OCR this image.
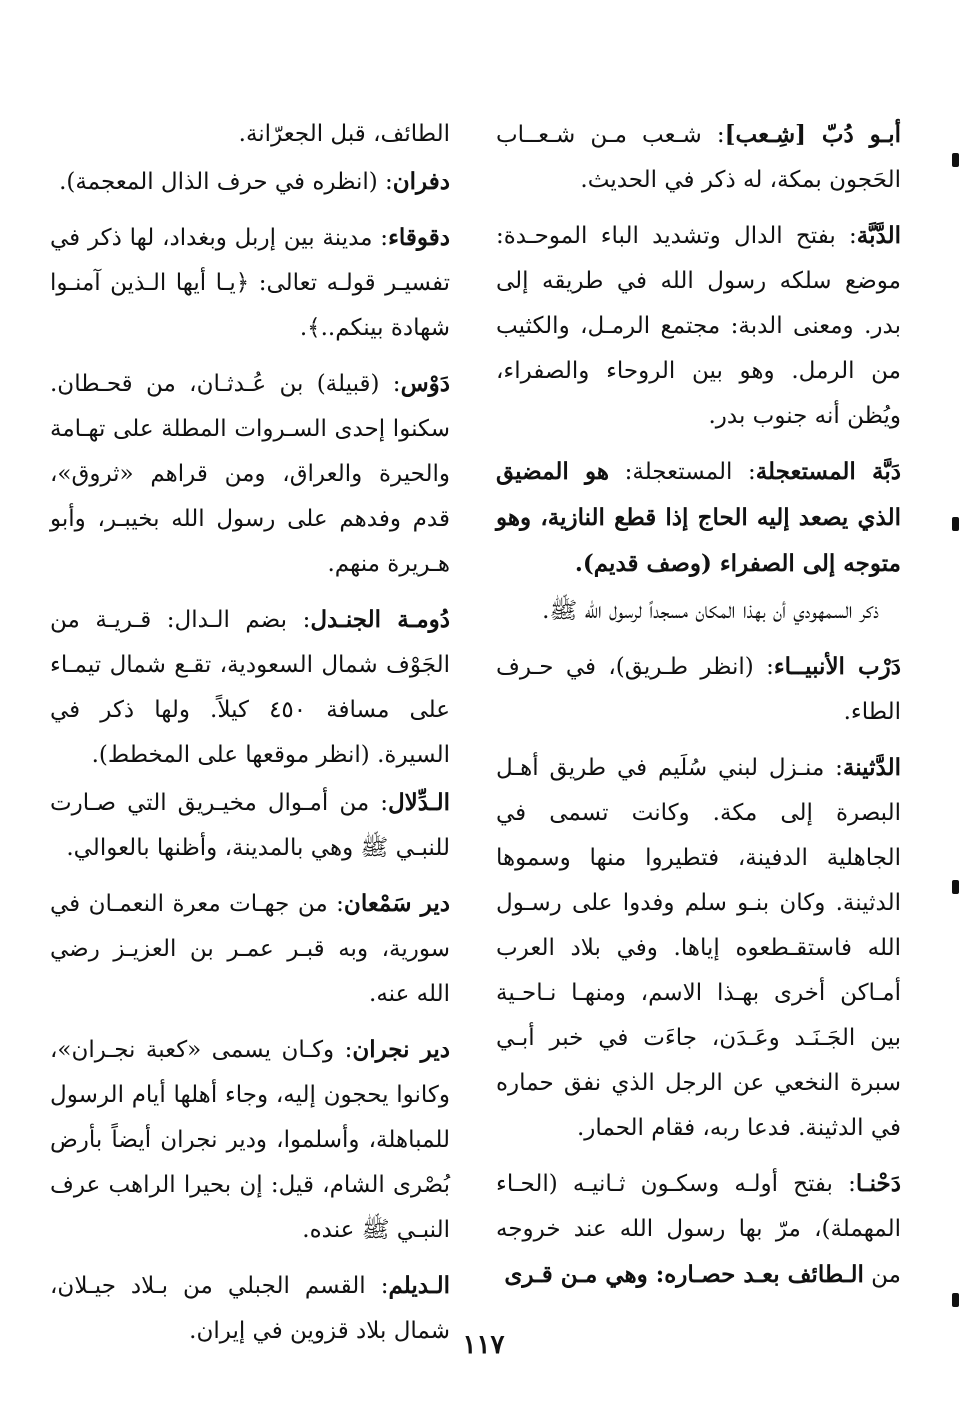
أبـو دُبّ [شِـعب]: شـعب مـن شـعــاب الحَجون بمكة، له ذكر في الحديث.

الدَّبَّة: بفتح الدال وتشديد الباء الموحـدة: موضع سلكه رسول الله في طريقه إلى بدر. ومعنى الدبة: مجتمع الرمـل، والكثيب من الرمل. وهو بين الروحاء والصفراء، ويُظن أنه جنوب بدر.

دَبَّة المستعجلة: المستعجلة: هو المضيق الذي يصعد إليه الحاج إذا قطع النازية، وهو متوجه إلى الصفراء (وصف قديم).

ذكر السمهودي أن بهذا المكان مسجداً لرسول الله ﷺ.

دَرْب الأنبيــاء: (انظر طـريق)، في حـرف الطاء.

الدَّثينة: منـزل لبني سُلَيم في طريق أهـل البصرة إلى مكة. وكانت تسمى في الجاهلية الدفينة، فتطيروا منها وسموها الدثينة. وكان بنـو سلم وفدوا على رسـول الله فاستقـطعوه إياها. وفي بلاد العرب أمـاكن أخرى بهـذا الاسم، ومنهـا نـاحـية بين الجَـنَـد وعَـدَن، جاءَت في خبر أبـي سبرة النخعي عن الرجل الذي نفق حماره في الدثينة. فدعا ربه، فقام الحمار.

دَحْنـا: بفتح أولـه وسكـون ثـانيـه (الحـاء المهملة)، مرّ بها رسول الله عند خروجه من الـطائف بعـد حصـاره: وهي مـن قـرى

الطائف، قبل الجعرّانة.

دفران: (انظره في حرف الذال المعجمة).

دقوقاء: مدينة بين إربل وبغداد، لها ذكر في تفسيـر قولـه تعالى: ﴿يـا أيها الـذين آمنـوا شهادة بينكم..﴾.

دَوْس: (قبيلة) بن عُـدثـان، من قحـطان. سكنوا إحدى السـروات المطلة على تهـامة والحيرة والعراق، ومن قراهم «ثروق»، قدم وفدهم على رسول الله بخيبـر، وأبو هـريرة منهم.

دُومـة الجنـدل: بضم الـدال: قـريـة من الجَوْف شمال السعودية، تقـع شمال تيمـاء على مسافة ٤٥٠ كيلاً. ولها ذكر في السيرة. (انظر موقعها على المخطط).

الـدِّلال: من أمـوال مخيـريق التي صـارت للنبـي ﷺ وهي بالمدينة، وأظنها بالعوالي.

دير سَمْعان: من جهـات معرة النعمـان في سورية، وبه قبـر عمـر بن العزيـز رضي الله عنه.

دير نجران: وكـان يسمى «كعبة نجـران»، وكانوا يحجون إليه، وجاء أهلها أيام الرسول للمباهلة، وأسلموا، ودير نجران أيضاً بأرض بُصْرى الشام، قيل: إن بحيرا الراهب عرف النبـي ﷺ عنده.

الـديلم: القسم الجبلي من بـلاد جيـلان، شمال بلاد قزوين في إيران. ١١٧
